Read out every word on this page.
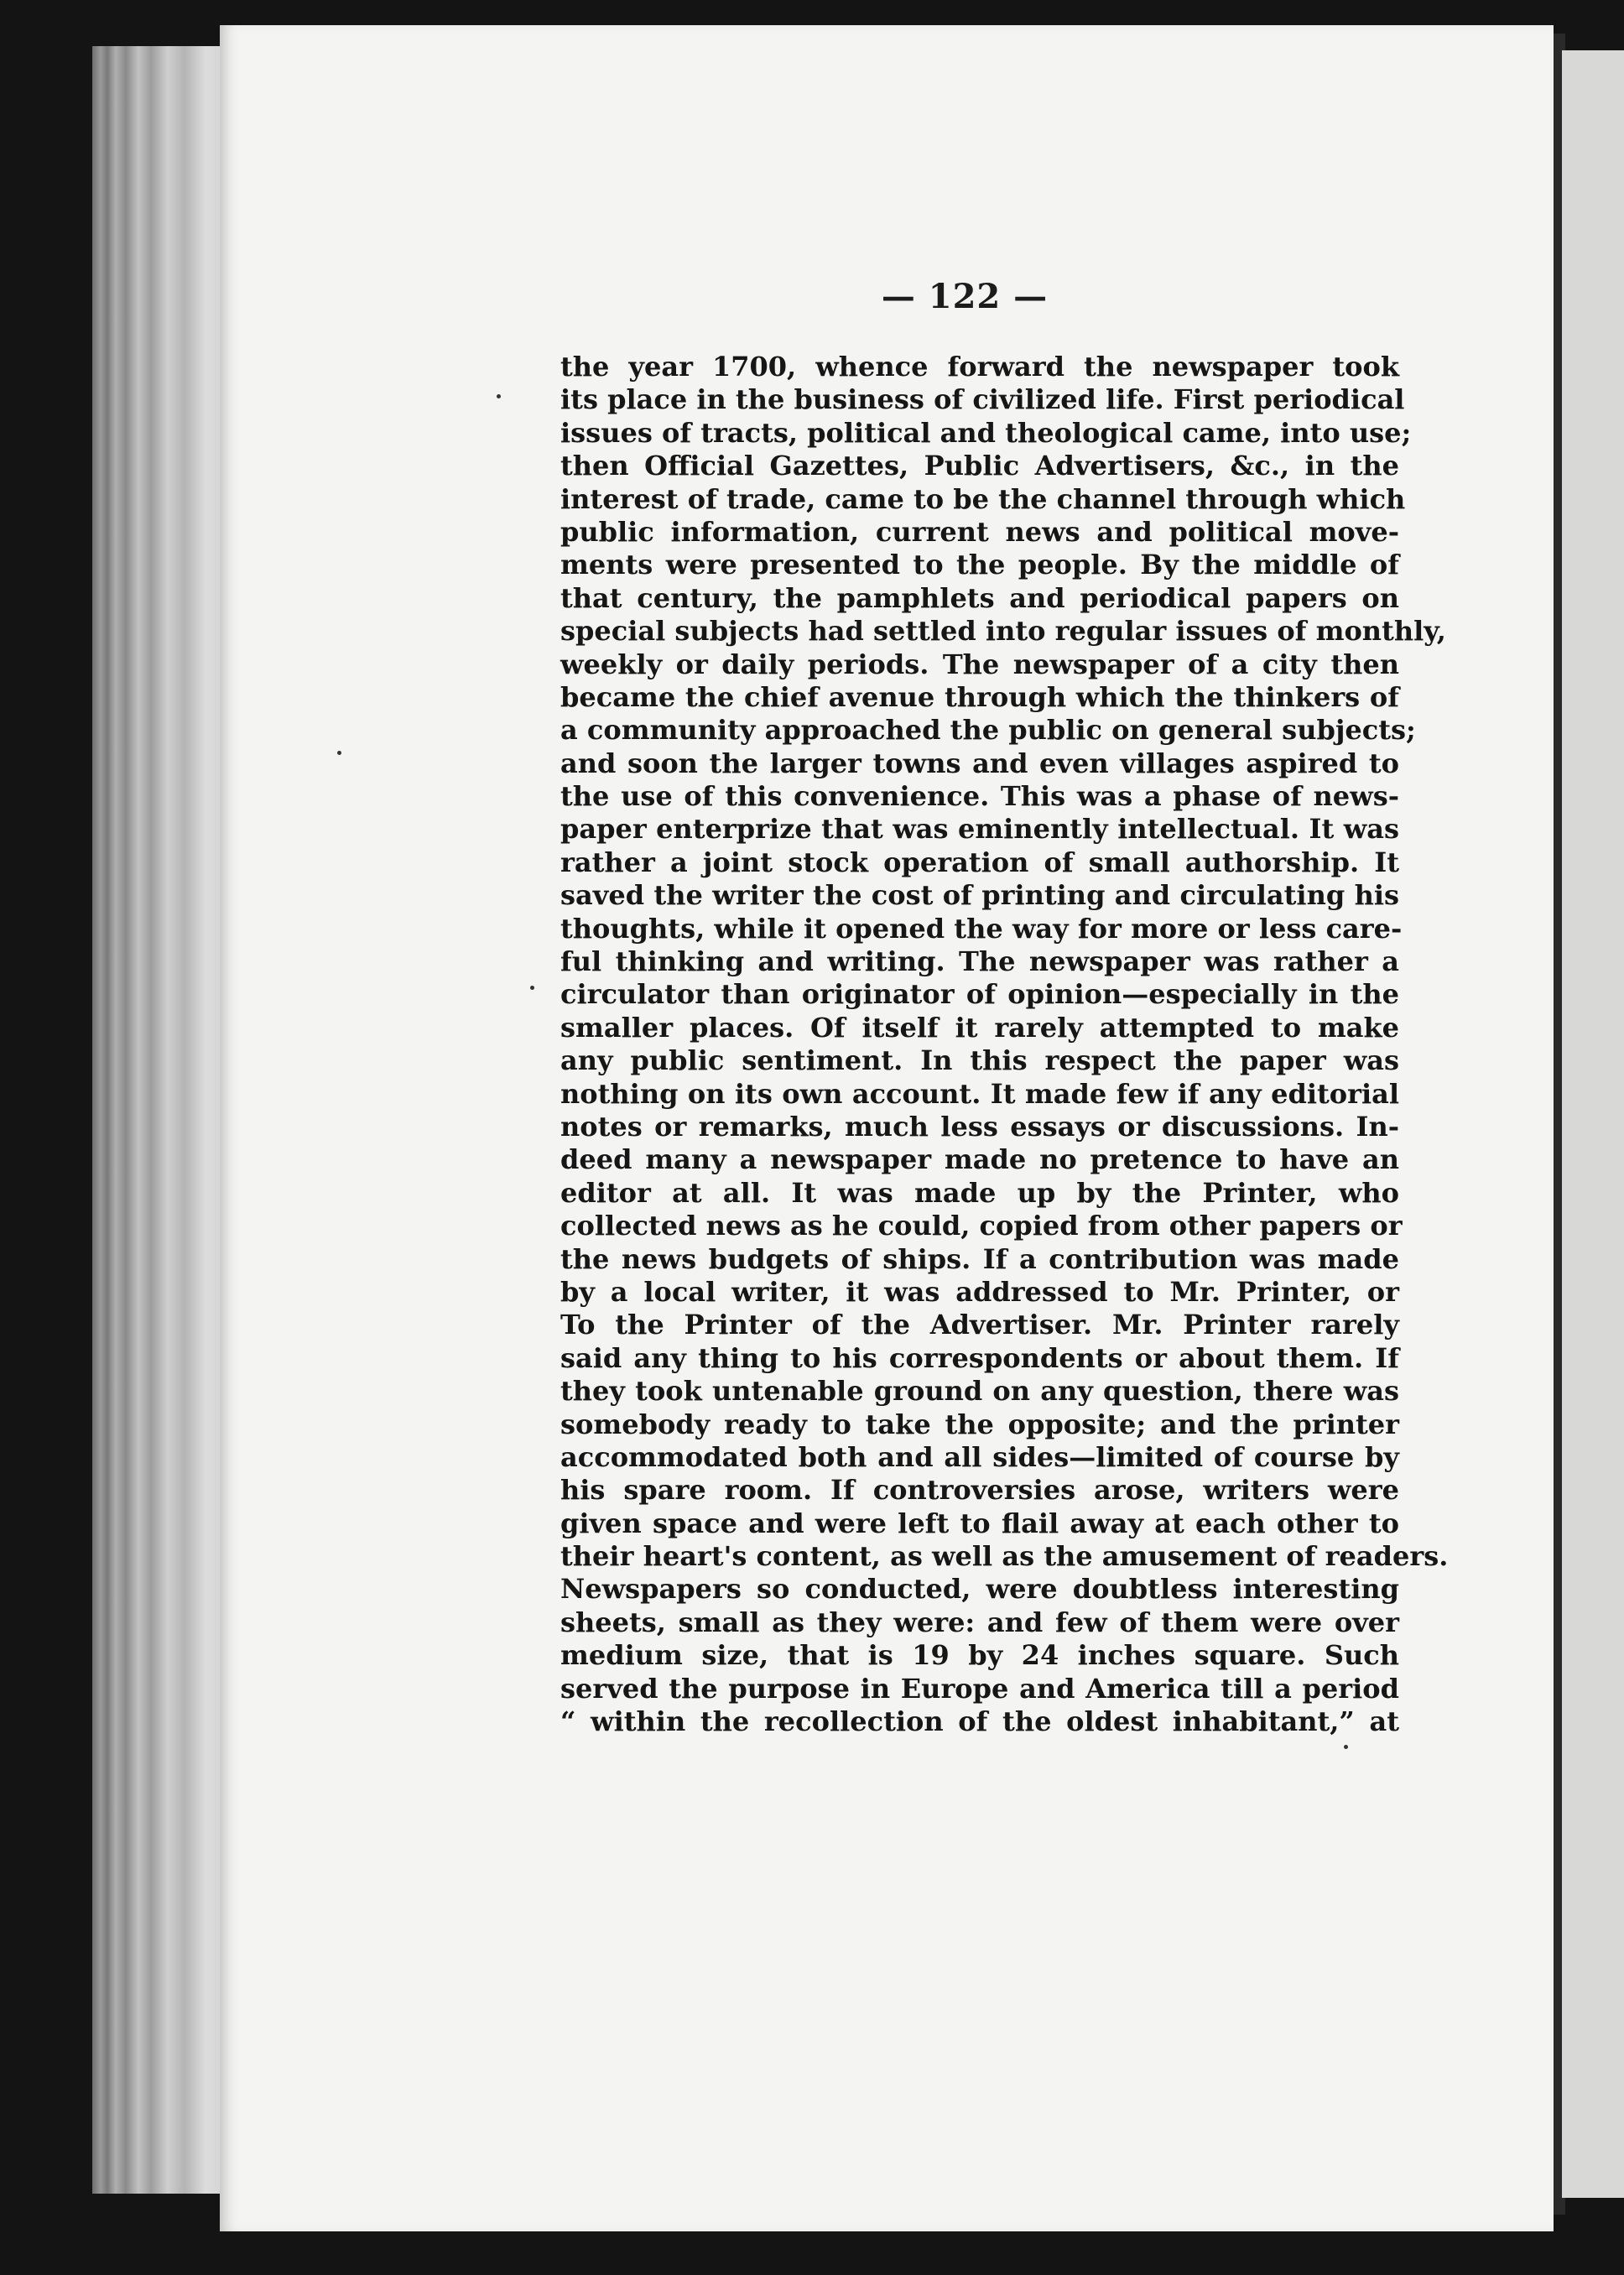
— 122 —
the year 1700, whence forward the newspaper took
its place in the business of civilized life. First periodical
issues of tracts, political and theological came, into use;
then Official Gazettes, Public Advertisers, &c., in the
interest of trade, came to be the channel through which
public information, current news and political move-
ments were presented to the people. By the middle of
that century, the pamphlets and periodical papers on
special subjects had settled into regular issues of monthly,
weekly or daily periods. The newspaper of a city then
became the chief avenue through which the thinkers of
a community approached the public on general subjects;
and soon the larger towns and even villages aspired to
the use of this convenience. This was a phase of news-
paper enterprize that was eminently intellectual. It was
rather a joint stock operation of small authorship. It
saved the writer the cost of printing and circulating his
thoughts, while it opened the way for more or less care-
ful thinking and writing. The newspaper was rather a
circulator than originator of opinion—especially in the
smaller places. Of itself it rarely attempted to make
any public sentiment. In this respect the paper was
nothing on its own account. It made few if any editorial
notes or remarks, much less essays or discussions. In-
deed many a newspaper made no pretence to have an
editor at all. It was made up by the Printer, who
collected news as he could, copied from other papers or
the news budgets of ships. If a contribution was made
by a local writer, it was addressed to Mr. Printer, or
To the Printer of the Advertiser. Mr. Printer rarely
said any thing to his correspondents or about them. If
they took untenable ground on any question, there was
somebody ready to take the opposite; and the printer
accommodated both and all sides—limited of course by
his spare room. If controversies arose, writers were
given space and were left to flail away at each other to
their heart's content, as well as the amusement of readers.
Newspapers so conducted, were doubtless interesting
sheets, small as they were: and few of them were over
medium size, that is 19 by 24 inches square. Such
served the purpose in Europe and America till a period
“ within the recollection of the oldest inhabitant,” at
